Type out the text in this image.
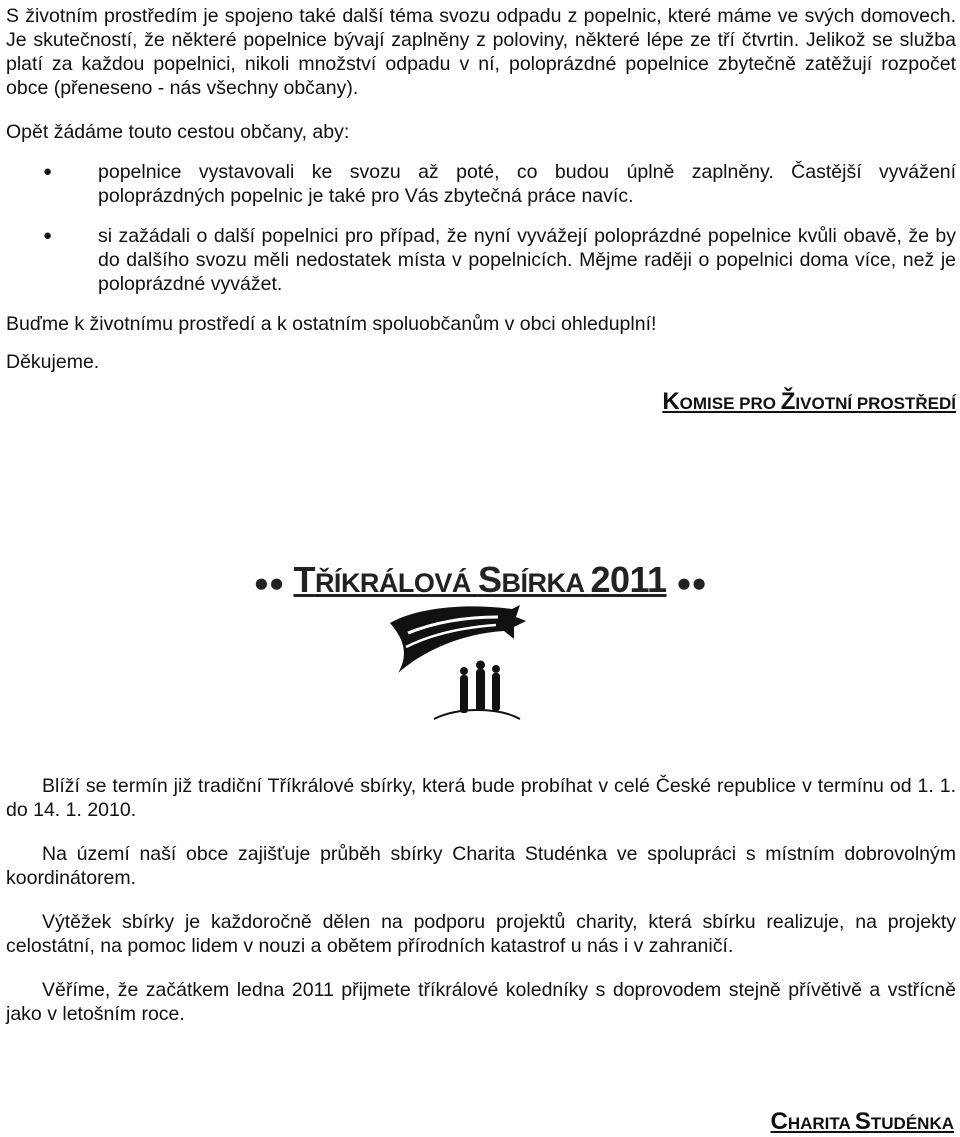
S životním prostředím je spojeno také další téma svozu odpadu z popelnic, které máme ve svých domovech. Je skutečností, že některé popelnice bývají zaplněny z poloviny, některé lépe ze tří čtvrtin. Jelikož se služba platí za každou popelnici, nikoli množství odpadu v ní, poloprázdné popelnice zbytečně zatěžují rozpočet obce (přeneseno - nás všechny občany).

Opět žádáme touto cestou občany, aby:

● popelnice vystavovali ke svozu až poté, co budou úplně zaplněny. Častější vyvážení poloprázdných popelnic je také pro Vás zbytečná práce navíc.
● si zažádali o další popelnici pro případ, že nyní vyvážejí poloprázdné popelnice kvůli obavě, že by do dalšího svozu měli nedostatek místa v popelnicích. Mějme raději o popelnici doma více, než je poloprázdné vyvážet.

Buďme k životnímu prostředí a k ostatním spoluobčanům v obci ohleduplní!

Děkujeme.

KOMISE PRO ŽIVOTNÍ PROSTŘEDÍ
●● TŘÍKRÁLOVÁ SBÍRKA 2011 ●●

Blíží se termín již tradiční Tříkrálové sbírky, která bude probíhat v celé České republice v termínu od 1. 1. do 14. 1. 2010.

Na území naší obce zajišťuje průběh sbírky Charita Studénka ve spolupráci s místním dobrovolným koordinátorem.

Výtěžek sbírky je každoročně dělen na podporu projektů charity, která sbírku realizuje, na projekty celostátní, na pomoc lidem v nouzi a obětem přírodních katastrof u nás i v zahraničí.

Věříme, že začátkem ledna 2011 přijmete tříkrálové koledníky s doprovodem stejně přívětivě a vstřícně jako v letošním roce.

CHARITA STUDÉNKA
